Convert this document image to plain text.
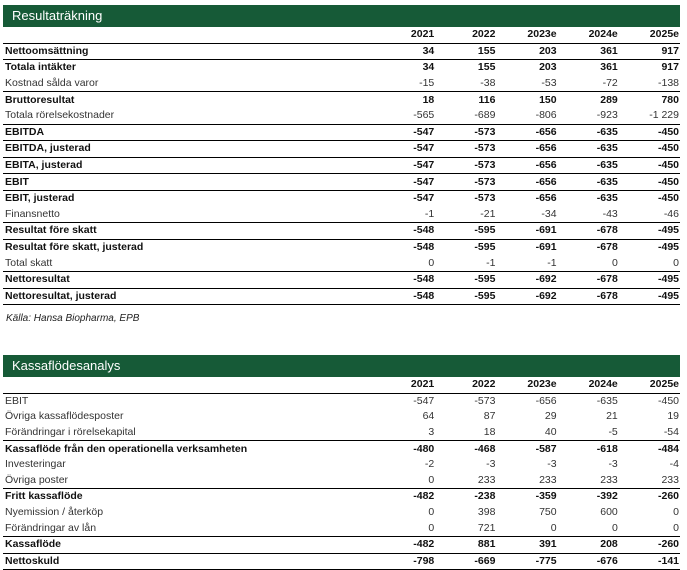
Resultaträkning
	2021	2022	2023e	2024e	2025e
Nettoomsättning	34	155	203	361	917
Totala intäkter	34	155	203	361	917
Kostnad sålda varor	-15	-38	-53	-72	-138
Bruttoresultat	18	116	150	289	780
Totala rörelsekostnader	-565	-689	-806	-923	-1 229
EBITDA	-547	-573	-656	-635	-450
EBITDA, justerad	-547	-573	-656	-635	-450
EBITA, justerad	-547	-573	-656	-635	-450
EBIT	-547	-573	-656	-635	-450
EBIT, justerad	-547	-573	-656	-635	-450
Finansnetto	-1	-21	-34	-43	-46
Resultat före skatt	-548	-595	-691	-678	-495
Resultat före skatt, justerad	-548	-595	-691	-678	-495
Total skatt	0	-1	-1	0	0
Nettoresultat	-548	-595	-692	-678	-495
Nettoresultat, justerad	-548	-595	-692	-678	-495
Källa: Hansa Biopharma, EPB
Kassaflödesanalys
	2021	2022	2023e	2024e	2025e
EBIT	-547	-573	-656	-635	-450
Övriga kassaflödesposter	64	87	29	21	19
Förändringar i rörelsekapital	3	18	40	-5	-54
Kassaflöde från den operationella verksamheten	-480	-468	-587	-618	-484
Investeringar	-2	-3	-3	-3	-4
Övriga poster	0	233	233	233	233
Fritt kassaflöde	-482	-238	-359	-392	-260
Nyemission / återköp	0	398	750	600	0
Förändringar av lån	0	721	0	0	0
Kassaflöde	-482	881	391	208	-260
Nettoskuld	-798	-669	-775	-676	-141
